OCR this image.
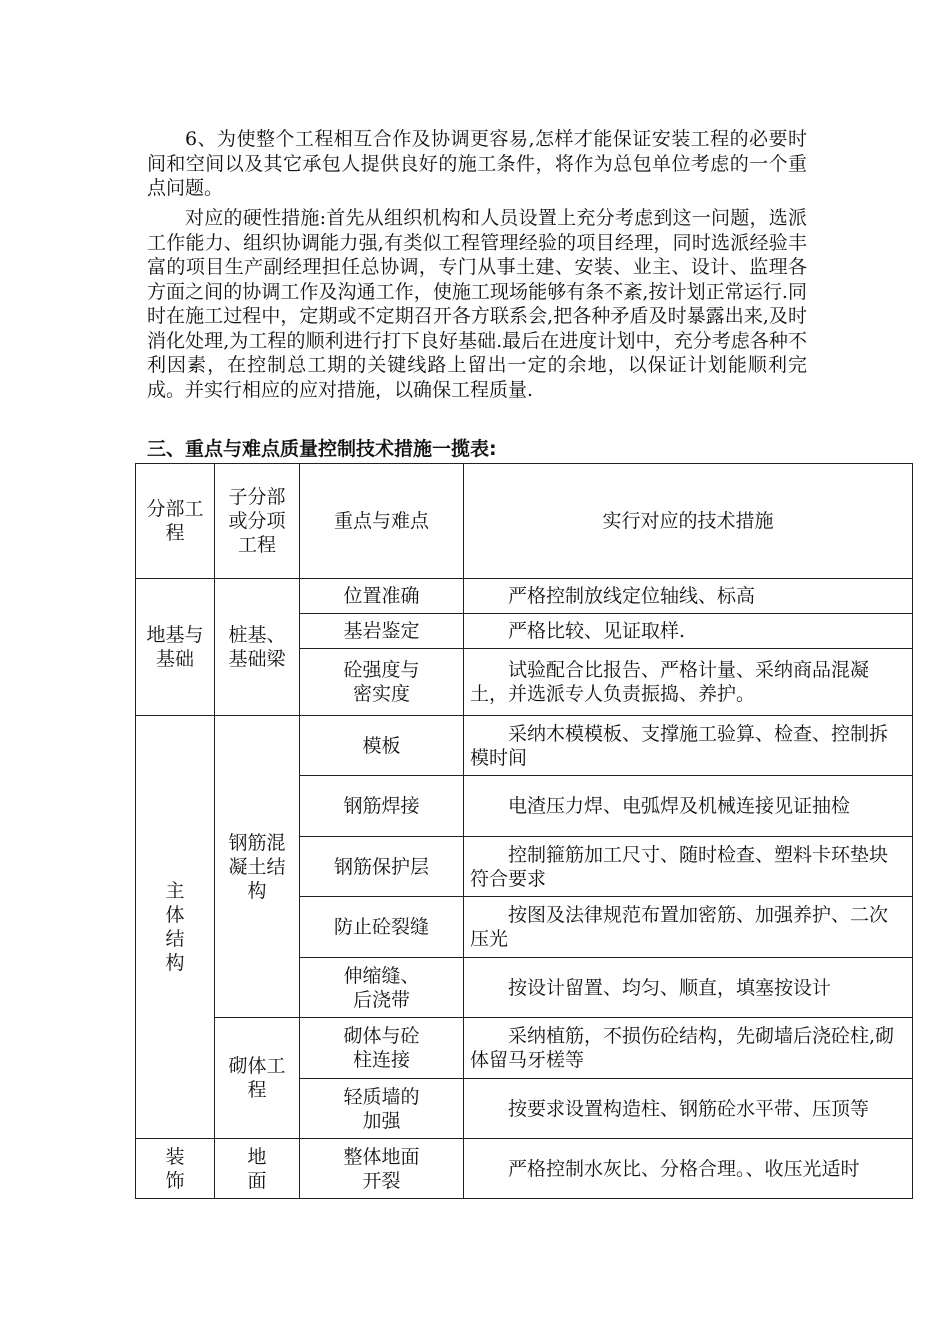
6、为使整个工程相互合作及协调更容易,怎样才能保证安装工程的必要时间和空间以及其它承包人提供良好的施工条件，将作为总包单位考虑的一个重点问题。

对应的硬性措施:首先从组织机构和人员设置上充分考虑到这一问题，选派工作能力、组织协调能力强,有类似工程管理经验的项目经理，同时选派经验丰富的项目生产副经理担任总协调，专门从事土建、安装、业主、设计、监理各方面之间的协调工作及沟通工作，使施工现场能够有条不紊,按计划正常运行.同时在施工过程中，定期或不定期召开各方联系会,把各种矛盾及时暴露出来,及时消化处理,为工程的顺利进行打下良好基础.最后在进度计划中，充分考虑各种不利因素，在控制总工期的关键线路上留出一定的余地，以保证计划能顺利完成。并实行相应的应对措施，以确保工程质量.

三、重点与难点质量控制技术措施一揽表:

分部工程	子分部或分项工程	重点与难点	实行对应的技术措施
地基与基础	桩基、基础梁	位置准确	严格控制放线定位轴线、标高
		基岩鉴定	严格比较、见证取样.
		砼强度与密实度	试验配合比报告、严格计量、采纳商品混凝土，并选派专人负责振捣、养护。
主体结构	钢筋混凝土结构	模板	采纳木模模板、支撑施工验算、检查、控制拆模时间
		钢筋焊接	电渣压力焊、电弧焊及机械连接见证抽检
		钢筋保护层	控制箍筋加工尺寸、随时检查、塑料卡环垫块符合要求
		防止砼裂缝	按图及法律规范布置加密筋、加强养护、二次压光
		伸缩缝、后浇带	按设计留置、均匀、顺直，填塞按设计
	砌体工程	砌体与砼柱连接	采纳植筋，不损伤砼结构，先砌墙后浇砼柱,砌体留马牙槎等
		轻质墙的加强	按要求设置构造柱、钢筋砼水平带、压顶等
装饰	地面	整体地面开裂	严格控制水灰比、分格合理。、收压光适时
